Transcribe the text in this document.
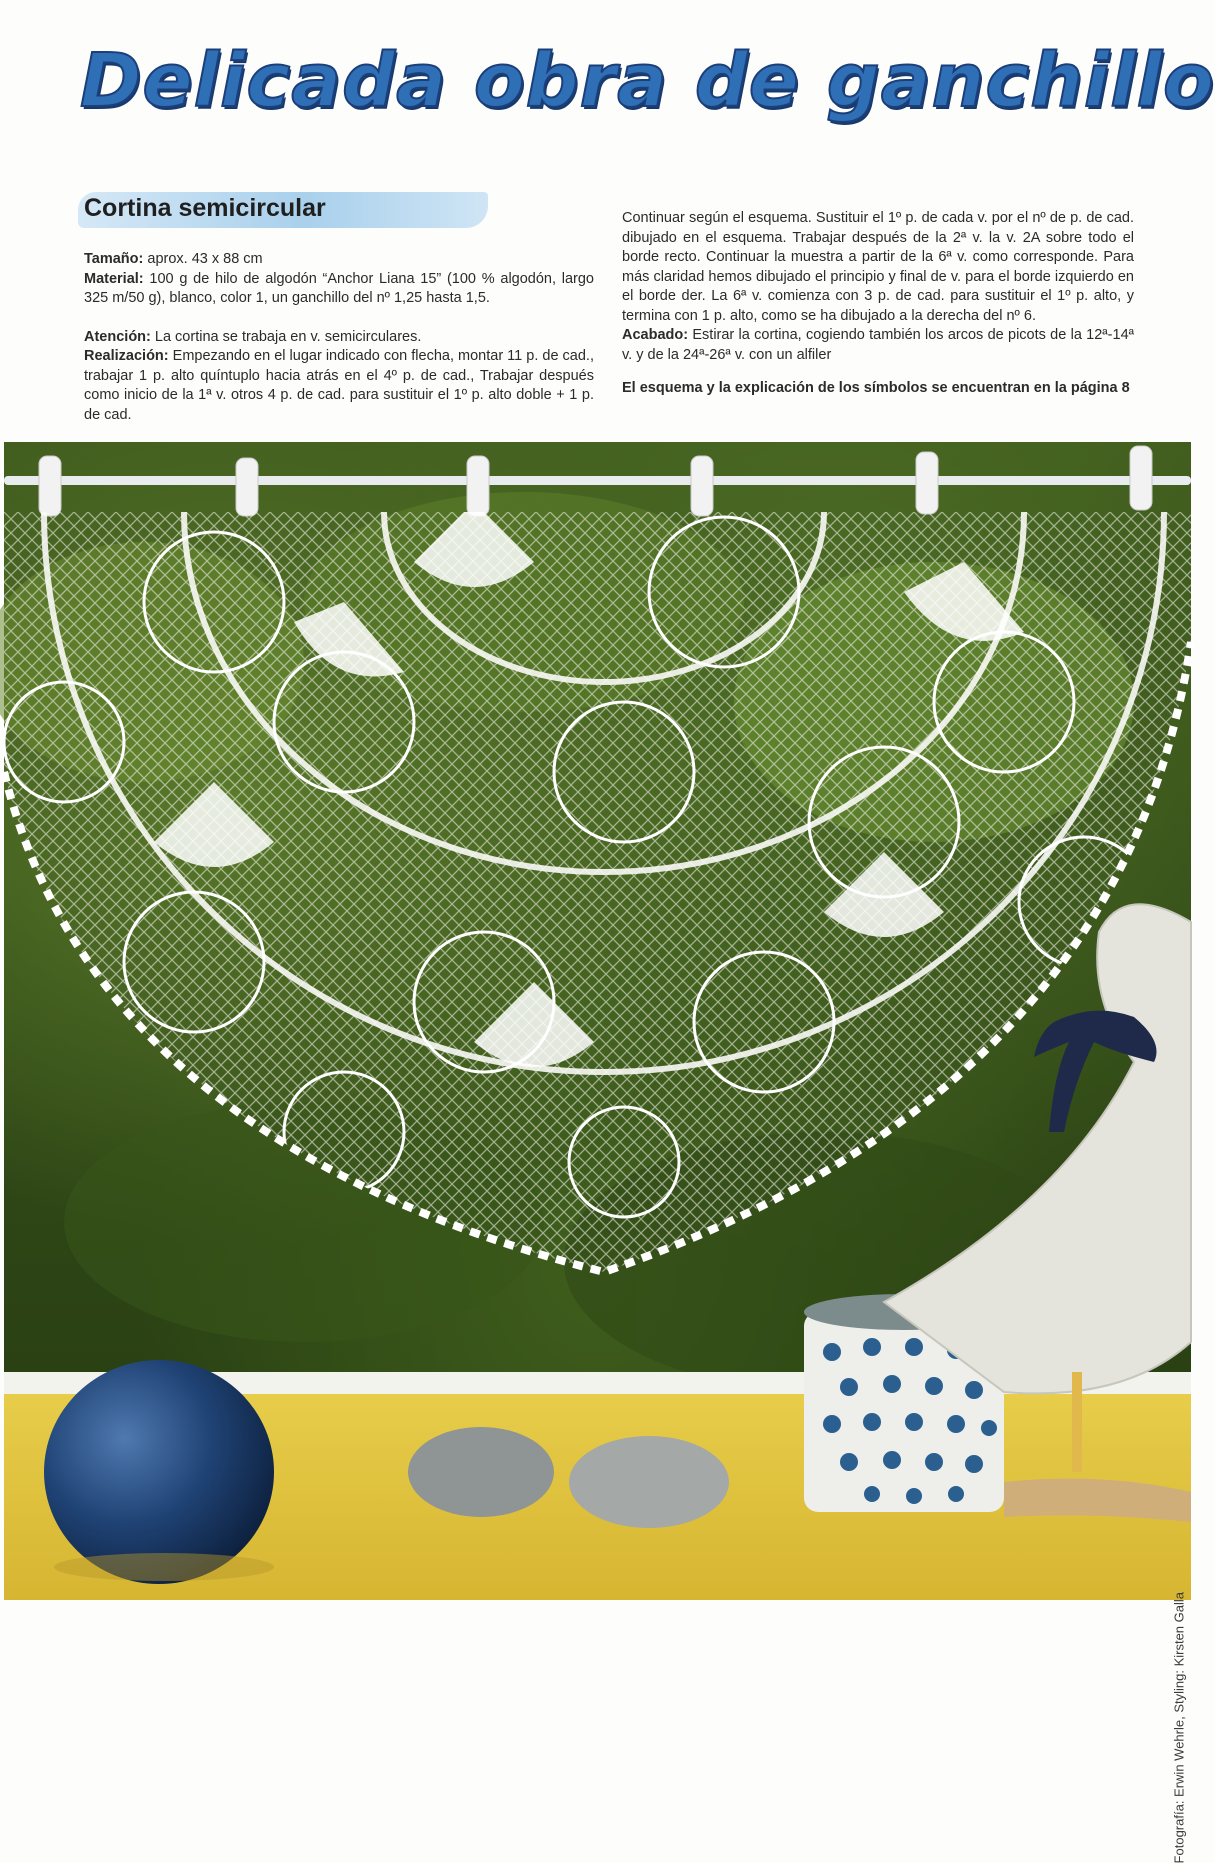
Delicada obra de ganchillo
Cortina semicircular

Tamaño: aprox. 43 x 88 cm

Material: 100 g de hilo de algodón “Anchor Liana 15” (100 % algodón, largo 325 m/50 g), blanco, color 1, un ganchillo del nº 1,25 hasta 1,5.

Atención: La cortina se trabaja en v. semicirculares.

Realización: Empezando en el lugar indicado con flecha, montar 11 p. de cad., trabajar 1 p. alto quíntuplo hacia atrás en el 4º p. de cad., Trabajar después como inicio de la 1ª v. otros 4 p. de cad. para sustituir el 1º p. alto doble + 1 p. de cad.

Continuar según el esquema. Sustituir el 1º p. de cada v. por el nº de p. de cad. dibujado en el esquema. Trabajar después de la 2ª v. la v. 2A sobre todo el borde recto. Continuar la muestra a partir de la 6ª v. como corresponde. Para más claridad hemos dibujado el principio y final de v. para el borde izquierdo en el borde der. La 6ª v. comienza con 3 p. de cad. para sustituir el 1º p. alto, y termina con 1 p. alto, como se ha dibujado a la derecha del nº 6.

Acabado: Estirar la cortina, cogiendo también los arcos de picots de la 12ª-14ª v. y de la 24ª-26ª v. con un alfiler

El esquema y la explicación de los símbolos se encuentran en la página 8

Fotografía: Erwin Wehrle, Styling: Kirsten Galla
